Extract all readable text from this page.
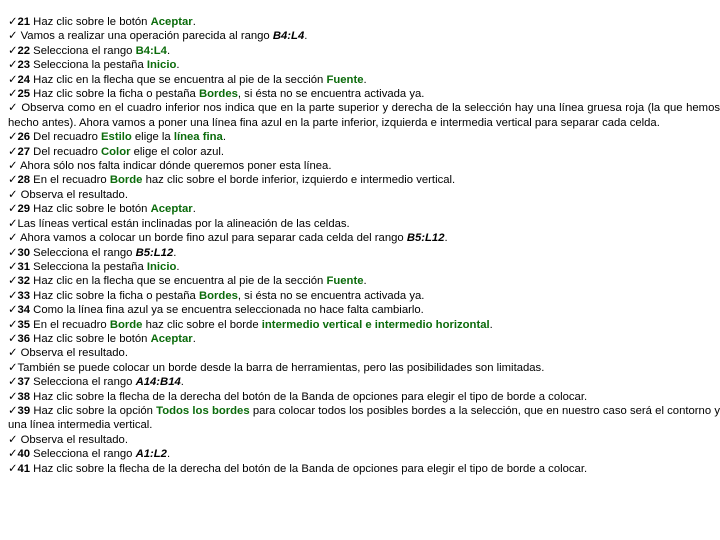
✓21 Haz clic sobre le botón Aceptar.

✓ Vamos a realizar una operación parecida al rango B4:L4.

✓22 Selecciona el rango B4:L4.

✓23 Selecciona la pestaña Inicio.

✓24 Haz clic en la flecha que se encuentra al pie de la sección Fuente.

✓25 Haz clic sobre la ficha o pestaña Bordes, si ésta no se encuentra activada ya.

✓ Observa como en el cuadro inferior nos indica que en la parte superior y derecha de la selección hay una línea gruesa roja (la que hemos hecho antes). Ahora vamos a poner una línea fina azul en la parte inferior, izquierda e intermedia vertical para separar cada celda.

✓26 Del recuadro Estilo elige la línea fina.

✓27 Del recuadro Color elige el color azul.

✓ Ahora sólo nos falta indicar dónde queremos poner esta línea.

✓28 En el recuadro Borde haz clic sobre el borde inferior, izquierdo e intermedio vertical.

✓ Observa el resultado.

✓29 Haz clic sobre le botón Aceptar.

✓Las líneas vertical están inclinadas por la alineación de las celdas.

✓ Ahora vamos a colocar un borde fino azul para separar cada celda del rango B5:L12.

✓30 Selecciona el rango B5:L12.

✓31 Selecciona la pestaña Inicio.

✓32 Haz clic en la flecha que se encuentra al pie de la sección Fuente.

✓33 Haz clic sobre la ficha o pestaña Bordes, si ésta no se encuentra activada ya.

✓34 Como la línea fina azul ya se encuentra seleccionada no hace falta cambiarlo.

✓35 En el recuadro Borde haz clic sobre el borde intermedio vertical e intermedio horizontal.

✓36 Haz clic sobre le botón Aceptar.

✓ Observa el resultado.

✓También se puede colocar un borde desde la barra de herramientas, pero las posibilidades son limitadas.

✓37 Selecciona el rango A14:B14.

✓38 Haz clic sobre la flecha de la derecha del botón de la Banda de opciones para elegir el tipo de borde a colocar.

✓39 Haz clic sobre la opción Todos los bordes para colocar todos los posibles bordes a la selección, que en nuestro caso será el contorno y una línea intermedia vertical.

✓ Observa el resultado.

✓40 Selecciona el rango A1:L2.

✓41 Haz clic sobre la flecha de la derecha del botón de la Banda de opciones para elegir el tipo de borde a colocar.
